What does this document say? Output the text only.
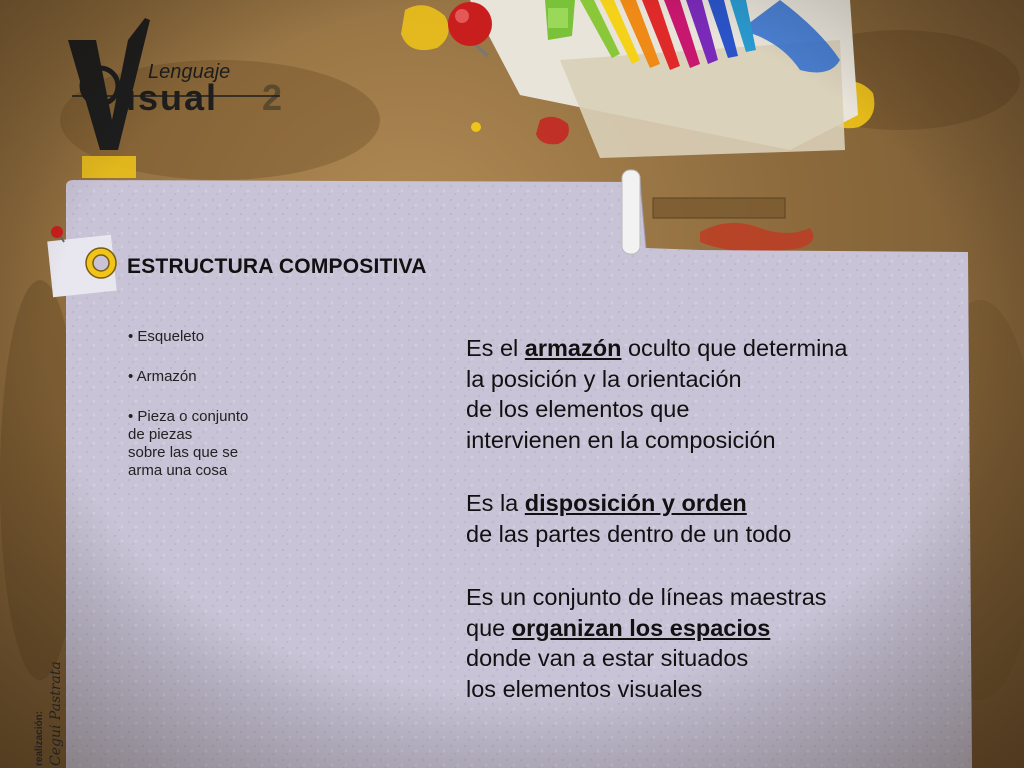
ESTRUCTURA COMPOSITIVA
• Esqueleto
• Armazón
• Pieza o conjunto
de piezas
sobre las que se
arma una cosa
Es el armazón oculto que determina
la posición y la orientación
de los elementos que
intervienen en la composición
Es la disposición y orden
de las partes dentro de un todo
Es un conjunto de líneas maestras
que organizan los espacios
donde van a estar situados
los elementos visuales
realización: Cegui Pastrata
